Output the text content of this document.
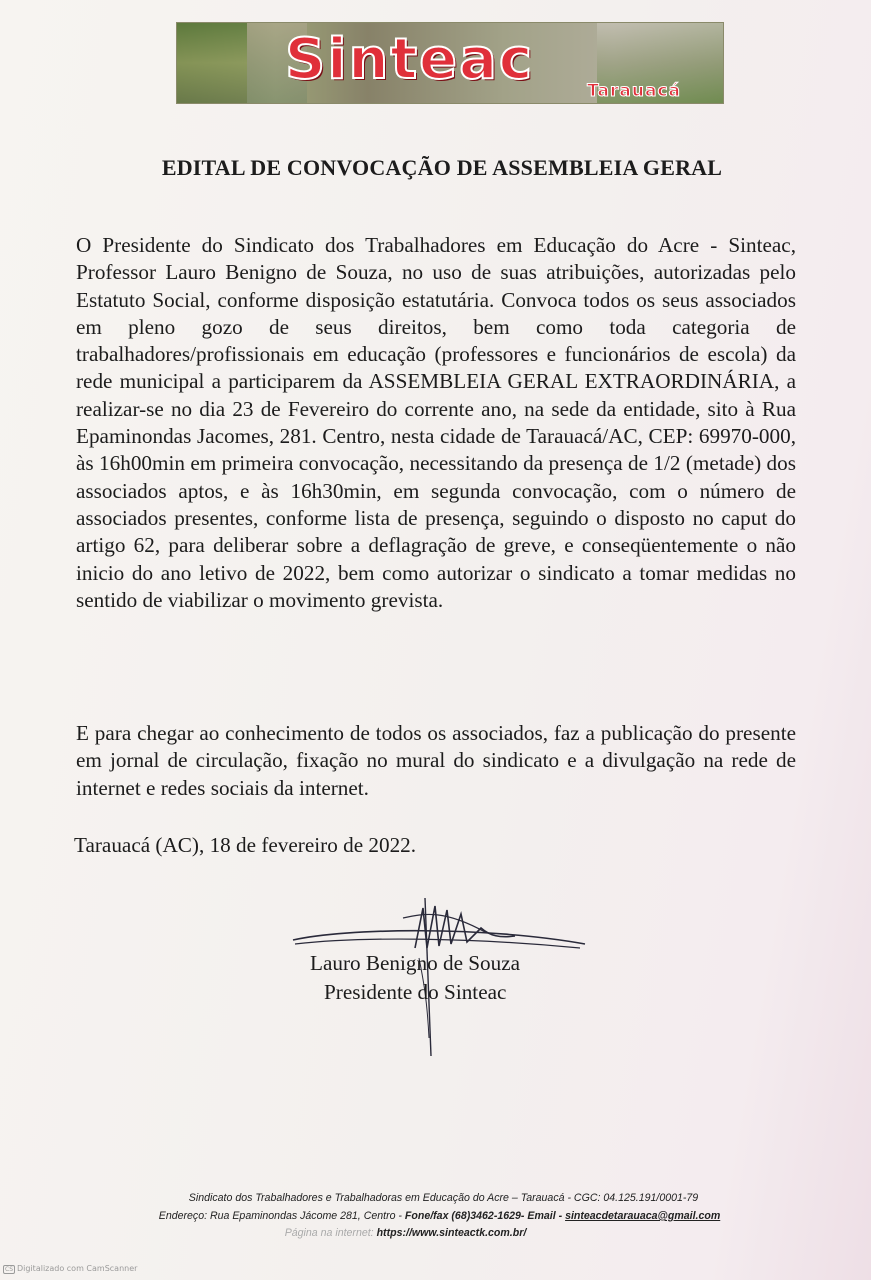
Sinteac	Tarauacá
EDITAL DE CONVOCAÇÃO DE ASSEMBLEIA GERAL

O Presidente do Sindicato dos Trabalhadores em Educação do Acre - Sinteac, Professor Lauro Benigno de Souza, no uso de suas atribuições, autorizadas pelo Estatuto Social, conforme disposição estatutária. Convoca todos os seus associados em pleno gozo de seus direitos, bem como toda categoria de trabalhadores/profissionais em educação (professores e funcionários de escola) da rede municipal a participarem da ASSEMBLEIA GERAL EXTRAORDINÁRIA, a realizar-se no dia 23 de Fevereiro do corrente ano, na sede da entidade, sito à Rua Epaminondas Jacomes, 281. Centro, nesta cidade de Tarauacá/AC, CEP: 69970-000, às 16h00min em primeira convocação, necessitando da presença de 1/2 (metade) dos associados aptos, e às 16h30min, em segunda convocação, com o número de associados presentes, conforme lista de presença, seguindo o disposto no caput do artigo 62, para deliberar sobre a deflagração de greve, e conseqüentemente o não inicio do ano letivo de 2022, bem como autorizar o sindicato a tomar medidas no sentido de viabilizar o movimento grevista.

E para chegar ao conhecimento de todos os associados, faz a publicação do presente em jornal de circulação, fixação no mural do sindicato e a divulgação na rede de internet e redes sociais da internet.

Tarauacá (AC), 18 de fevereiro de 2022.

Lauro Benigno de Souza

Presidente do Sinteac

Sindicato dos Trabalhadores e Trabalhadoras em Educação do Acre – Tarauacá - CGC: 04.125.191/0001-79

Endereço: Rua Epaminondas Jácome 281, Centro - Fone/fax (68)3462-1629- Email - sinteacdetarauaca@gmail.com

Página na internet: https://www.sinteactk.com.br/

CS Digitalizado com CamScanner
